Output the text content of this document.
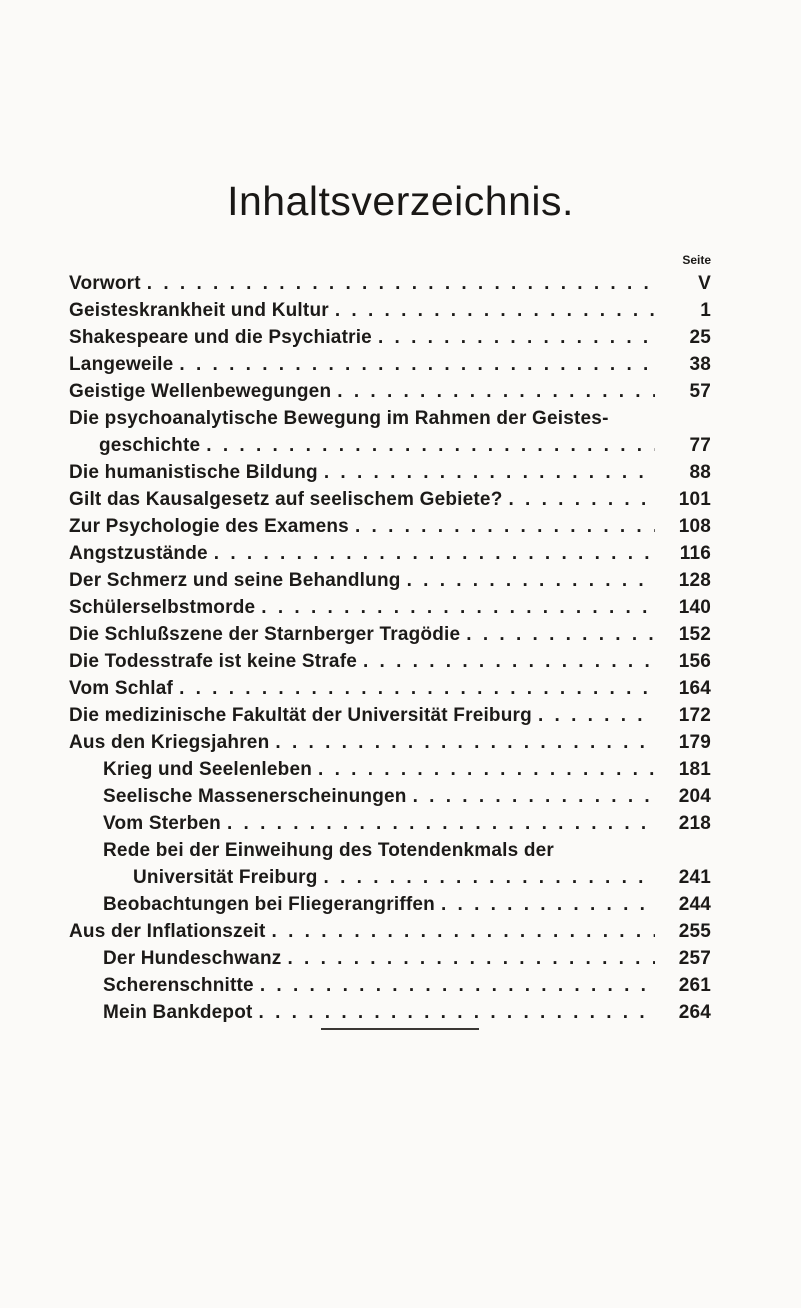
Inhaltsverzeichnis.
Seite
Vorwort . . .	V
Geisteskrankheit und Kultur . . .	1
Shakespeare und die Psychiatrie . . .	25
Langeweile . . .	38
Geistige Wellenbewegungen . . .	57
Die psychoanalytische Bewegung im Rahmen der Geistes-
geschichte . . .	77
Die humanistische Bildung . . .	88
Gilt das Kausalgesetz auf seelischem Gebiete? . . .	101
Zur Psychologie des Examens . . .	108
Angstzustände . . .	116
Der Schmerz und seine Behandlung . . .	128
Schülerselbstmorde . . .	140
Die Schlußszene der Starnberger Tragödie . . .	152
Die Todesstrafe ist keine Strafe . . .	156
Vom Schlaf . . .	164
Die medizinische Fakultät der Universität Freiburg . . .	172
Aus den Kriegsjahren . . .	179
Krieg und Seelenleben . . .	181
Seelische Massenerscheinungen . . .	204
Vom Sterben . . .	218
Rede bei der Einweihung des Totendenkmals der
Universität Freiburg . . .	241
Beobachtungen bei Fliegerangriffen . . .	244
Aus der Inflationszeit . . .	255
Der Hundeschwanz . . .	257
Scherenschnitte . . .	261
Mein Bankdepot . . .	264
